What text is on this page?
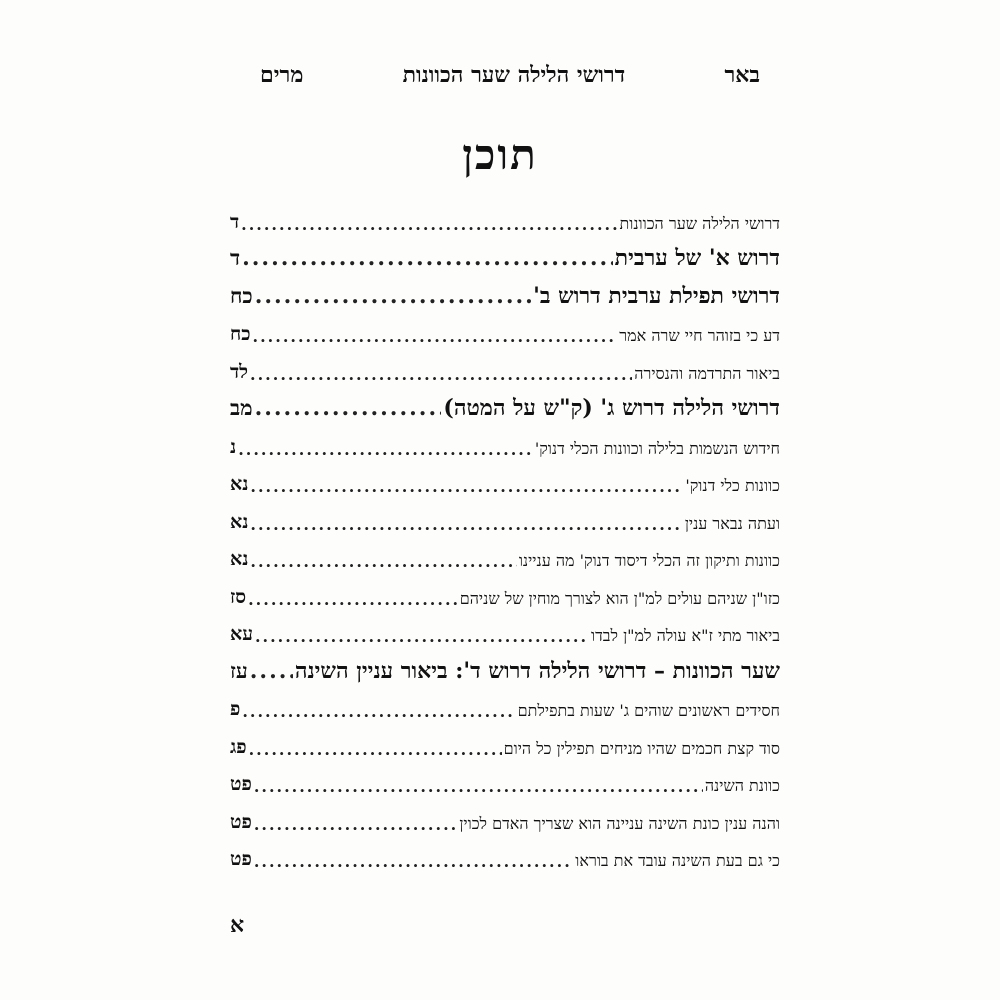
באר
דרושי הלילה שער הכוונות
מרים
תוכן
דרושי הלילה שער הכוונות
.....
ד
דרוש א' של ערבית
.....
ד
דרושי תפילת ערבית דרוש ב'
.....
כח
דע כי בזוהר חיי שרה אמר
.....
כח
ביאור התרדמה והנסירה
.....
לד
דרושי הלילה דרוש ג' (ק"ש על המטה)
.....
מב
חידוש הנשמות בלילה וכוונות הכלי דנוק'
.....
נ
כוונות כלי דנוק'
.....
נא
ועתה נבאר ענין
.....
נא
כוונות ותיקון זה הכלי דיסוד דנוק' מה עניינו
.....
נא
כזו"ן שניהם עולים למ"ן הוא לצורך מוחין של שניהם
.....
סז
ביאור מתי ז"א עולה למ"ן לבדו
.....
עא
שער הכוונות – דרושי הלילה דרוש ד': ביאור עניין השינה
.....
עז
חסידים ראשונים שוהים ג' שעות בתפילתם
.....
פ
סוד קצת חכמים שהיו מניחים תפילין כל היום
.....
פג
כוונת השינה
.....
פט
והנה ענין כונת השינה עניינה הוא שצריך האדם לכוין
.....
פט
כי גם בעת השינה עובד את בוראו
.....
פט
א
